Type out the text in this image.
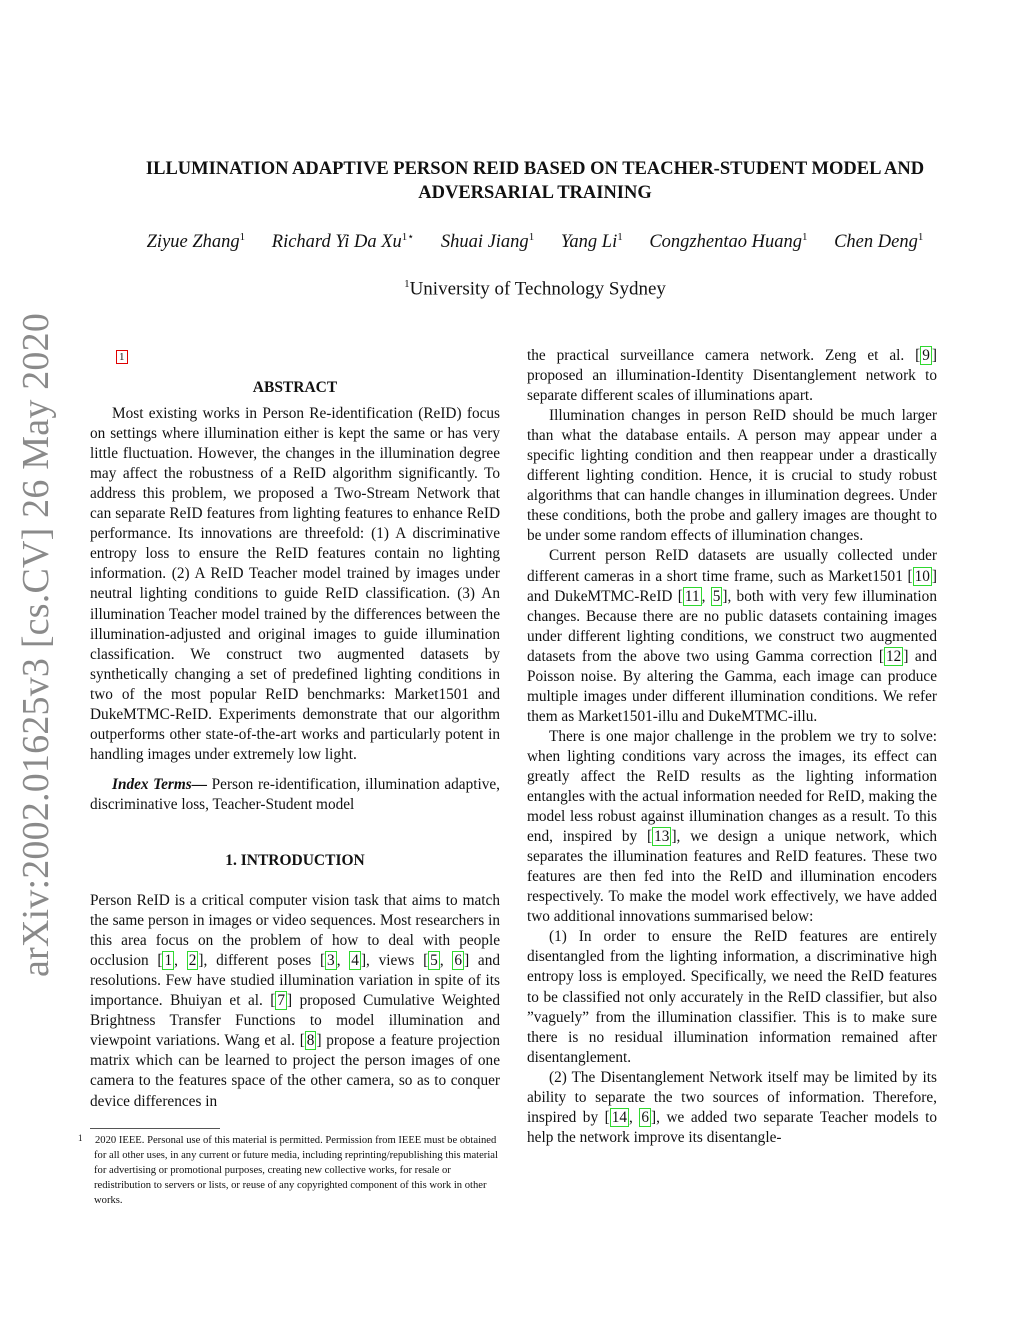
arXiv:2002.01625v3 [cs.CV] 26 May 2020
ILLUMINATION ADAPTIVE PERSON REID BASED ON TEACHER-STUDENT MODEL AND
ADVERSARIAL TRAINING
Ziyue Zhang$^1$ Richard Yi Da $Xu^{1⋆}$ Shuai Jiang$^1$ Yang Li$^1$ Congzhentao Huang$^1$ Chen Deng$^1$
$^1$University of Technology Sydney
1
ABSTRACT

Most existing works in Person Re-identification (ReID) focus on settings where illumination either is kept the same or has very little fluctuation. However, the changes in the illumination degree may affect the robustness of a ReID algorithm significantly. To address this problem, we proposed a Two-Stream Network that can separate ReID features from lighting features to enhance ReID performance. Its innovations are threefold: (1) A discriminative entropy loss to ensure the ReID features contain no lighting information. (2) A ReID Teacher model trained by images under neutral lighting conditions to guide ReID classification. (3) An illumination Teacher model trained by the differences between the illumination-adjusted and original images to guide illumination classification. We construct two augmented datasets by synthetically changing a set of predefined lighting conditions in two of the most popular ReID benchmarks: Market1501 and DukeMTMC-ReID. Experiments demonstrate that our algorithm outperforms other state-of-the-art works and particularly potent in handling images under extremely low light.

Index Terms— Person re-identification, illumination adaptive, discriminative loss, Teacher-Student model

1. INTRODUCTION

Person ReID is a critical computer vision task that aims to match the same person in images or video sequences. Most researchers in this area focus on the problem of how to deal with people occlusion [ 1 , 2 ], different poses [ 3 , 4 ], views [ 5 , 6 ] and resolutions. Few have studied illumination variation in spite of its importance. Bhuiyan et al. [ 7 ] proposed Cumulative Weighted Brightness Transfer Functions to model illumination and viewpoint variations. Wang et al. [ 8 ] propose a feature projection matrix which can be learned to project the person images of one camera to the features space of the other camera, so as to conquer device differences in

1 2020 IEEE. Personal use of this material is permitted. Permission from IEEE must be obtained for all other uses, in any current or future media, including reprinting/republishing this material for advertising or promotional purposes, creating new collective works, for resale or redistribution to servers or lists, or reuse of any copyrighted component of this work in other works.

the practical surveillance camera network. Zeng et al. [ 9 ] proposed an illumination-Identity Disentanglement network to separate different scales of illuminations apart.

Illumination changes in person ReID should be much larger than what the database entails. A person may appear under a specific lighting condition and then reappear under a drastically different lighting condition. Hence, it is crucial to study robust algorithms that can handle changes in illumination degrees. Under these conditions, both the probe and gallery images are thought to be under some random effects of illumination changes.

Current person ReID datasets are usually collected under different cameras in a short time frame, such as Market1501 [ 10 ] and DukeMTMC-ReID [ 11 , 5 ], both with very few illumination changes. Because there are no public datasets containing images under different lighting conditions, we construct two augmented datasets from the above two using Gamma correction [ 12 ] and Poisson noise. By altering the Gamma, each image can produce multiple images under different illumination conditions. We refer them as Market1501-illu and DukeMTMC-illu.

There is one major challenge in the problem we try to solve: when lighting conditions vary across the images, its effect can greatly affect the ReID results as the lighting information entangles with the actual information needed for ReID, making the model less robust against illumination changes as a result. To this end, inspired by [ 13 ], we design a unique network, which separates the illumination features and ReID features. These two features are then fed into the ReID and illumination encoders respectively. To make the model work effectively, we have added two additional innovations summarised below:

(1) In order to ensure the ReID features are entirely disentangled from the lighting information, a discriminative high entropy loss is employed. Specifically, we need the ReID features to be classified not only accurately in the ReID classifier, but also ”vaguely” from the illumination classifier. This is to make sure there is no residual illumination information remained after disentanglement.

(2) The Disentanglement Network itself may be limited by its ability to separate the two sources of information. Therefore, inspired by [ 14 , 6 ], we added two separate Teacher models to help the network improve its disentangle-
